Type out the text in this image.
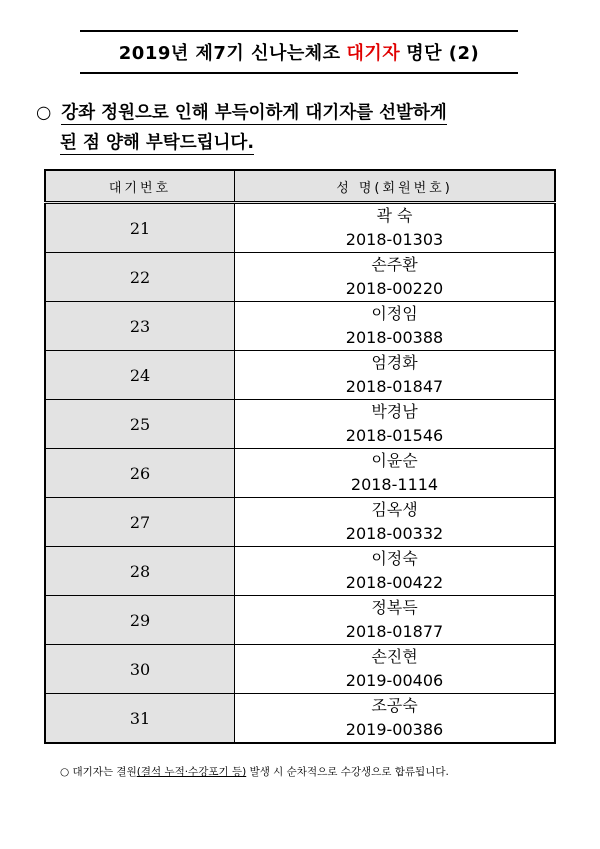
2019년 제7기 신나는체조 대기자 명단 (2)
○ 강좌 정원으로 인해 부득이하게 대기자를 선발하게
된 점 양해 부탁드립니다.
대기번호	성 명(회원번호)
21	곽 숙
2018-01303

22	손주환
2018-00220

23	이정임
2018-00388

24	엄경화
2018-01847

25	박경남
2018-01546

26	이윤순
2018-1114

27	김옥생
2018-00332

28	이정숙
2018-00422

29	정복득
2018-01877

30	손진현
2019-00406

31	조공숙
2019-00386
○ 대기자는 결원(결석 누적·수강포기 등) 발생 시 순차적으로 수강생으로 합류됩니다.
